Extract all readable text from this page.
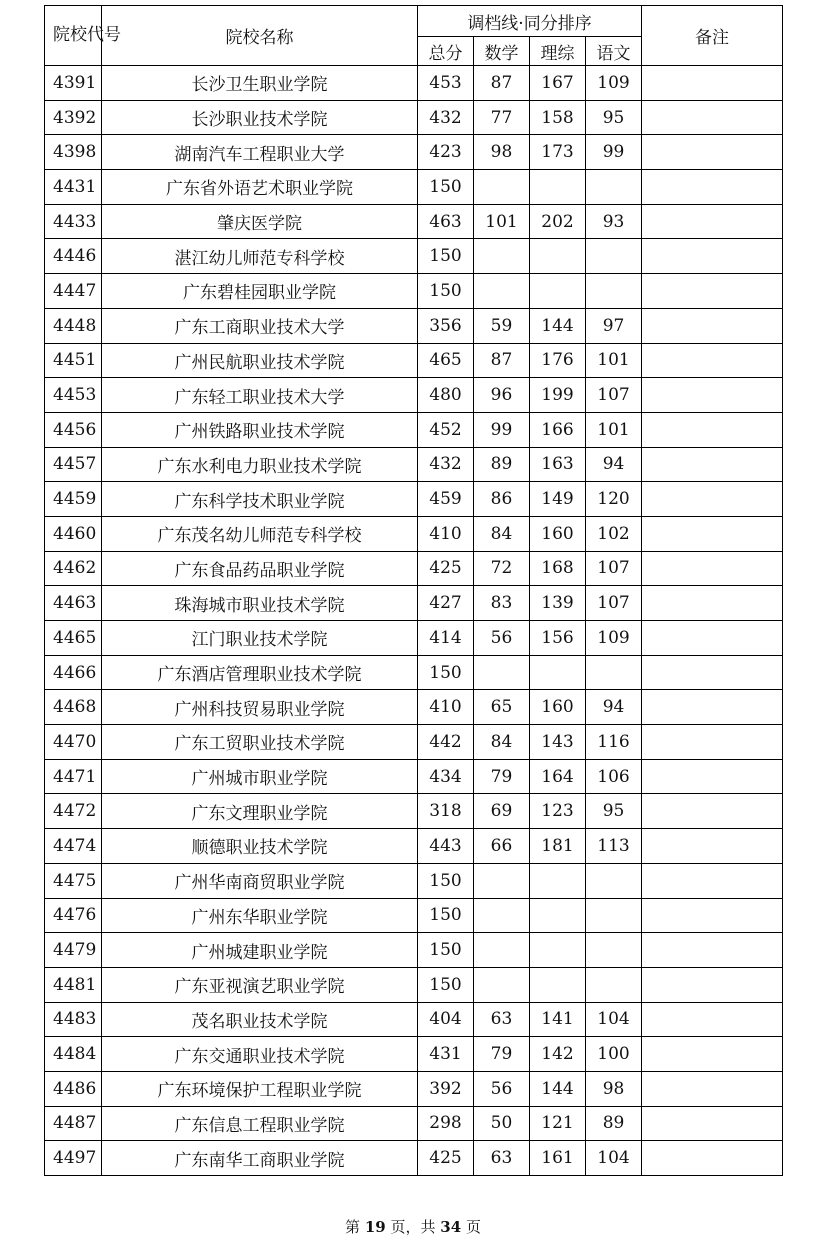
院校代号	院校名称	调档线·同分排序				备注
		总分	数学	理综	语文	
4391	长沙卫生职业学院	453	87	167	109	
4392	长沙职业技术学院	432	77	158	95	
4398	湖南汽车工程职业大学	423	98	173	99	
4431	广东省外语艺术职业学院	150				
4433	肇庆医学院	463	101	202	93	
4446	湛江幼儿师范专科学校	150				
4447	广东碧桂园职业学院	150				
4448	广东工商职业技术大学	356	59	144	97	
4451	广州民航职业技术学院	465	87	176	101	
4453	广东轻工职业技术大学	480	96	199	107	
4456	广州铁路职业技术学院	452	99	166	101	
4457	广东水利电力职业技术学院	432	89	163	94	
4459	广东科学技术职业学院	459	86	149	120	
4460	广东茂名幼儿师范专科学校	410	84	160	102	
4462	广东食品药品职业学院	425	72	168	107	
4463	珠海城市职业技术学院	427	83	139	107	
4465	江门职业技术学院	414	56	156	109	
4466	广东酒店管理职业技术学院	150				
4468	广州科技贸易职业学院	410	65	160	94	
4470	广东工贸职业技术学院	442	84	143	116	
4471	广州城市职业学院	434	79	164	106	
4472	广东文理职业学院	318	69	123	95	
4474	顺德职业技术学院	443	66	181	113	
4475	广州华南商贸职业学院	150				
4476	广州东华职业学院	150				
4479	广州城建职业学院	150				
4481	广东亚视演艺职业学院	150				
4483	茂名职业技术学院	404	63	141	104	
4484	广东交通职业技术学院	431	79	142	100	
4486	广东环境保护工程职业学院	392	56	144	98	
4487	广东信息工程职业学院	298	50	121	89	
4497	广东南华工商职业学院	425	63	161	104	
第 19 页，共 34 页
